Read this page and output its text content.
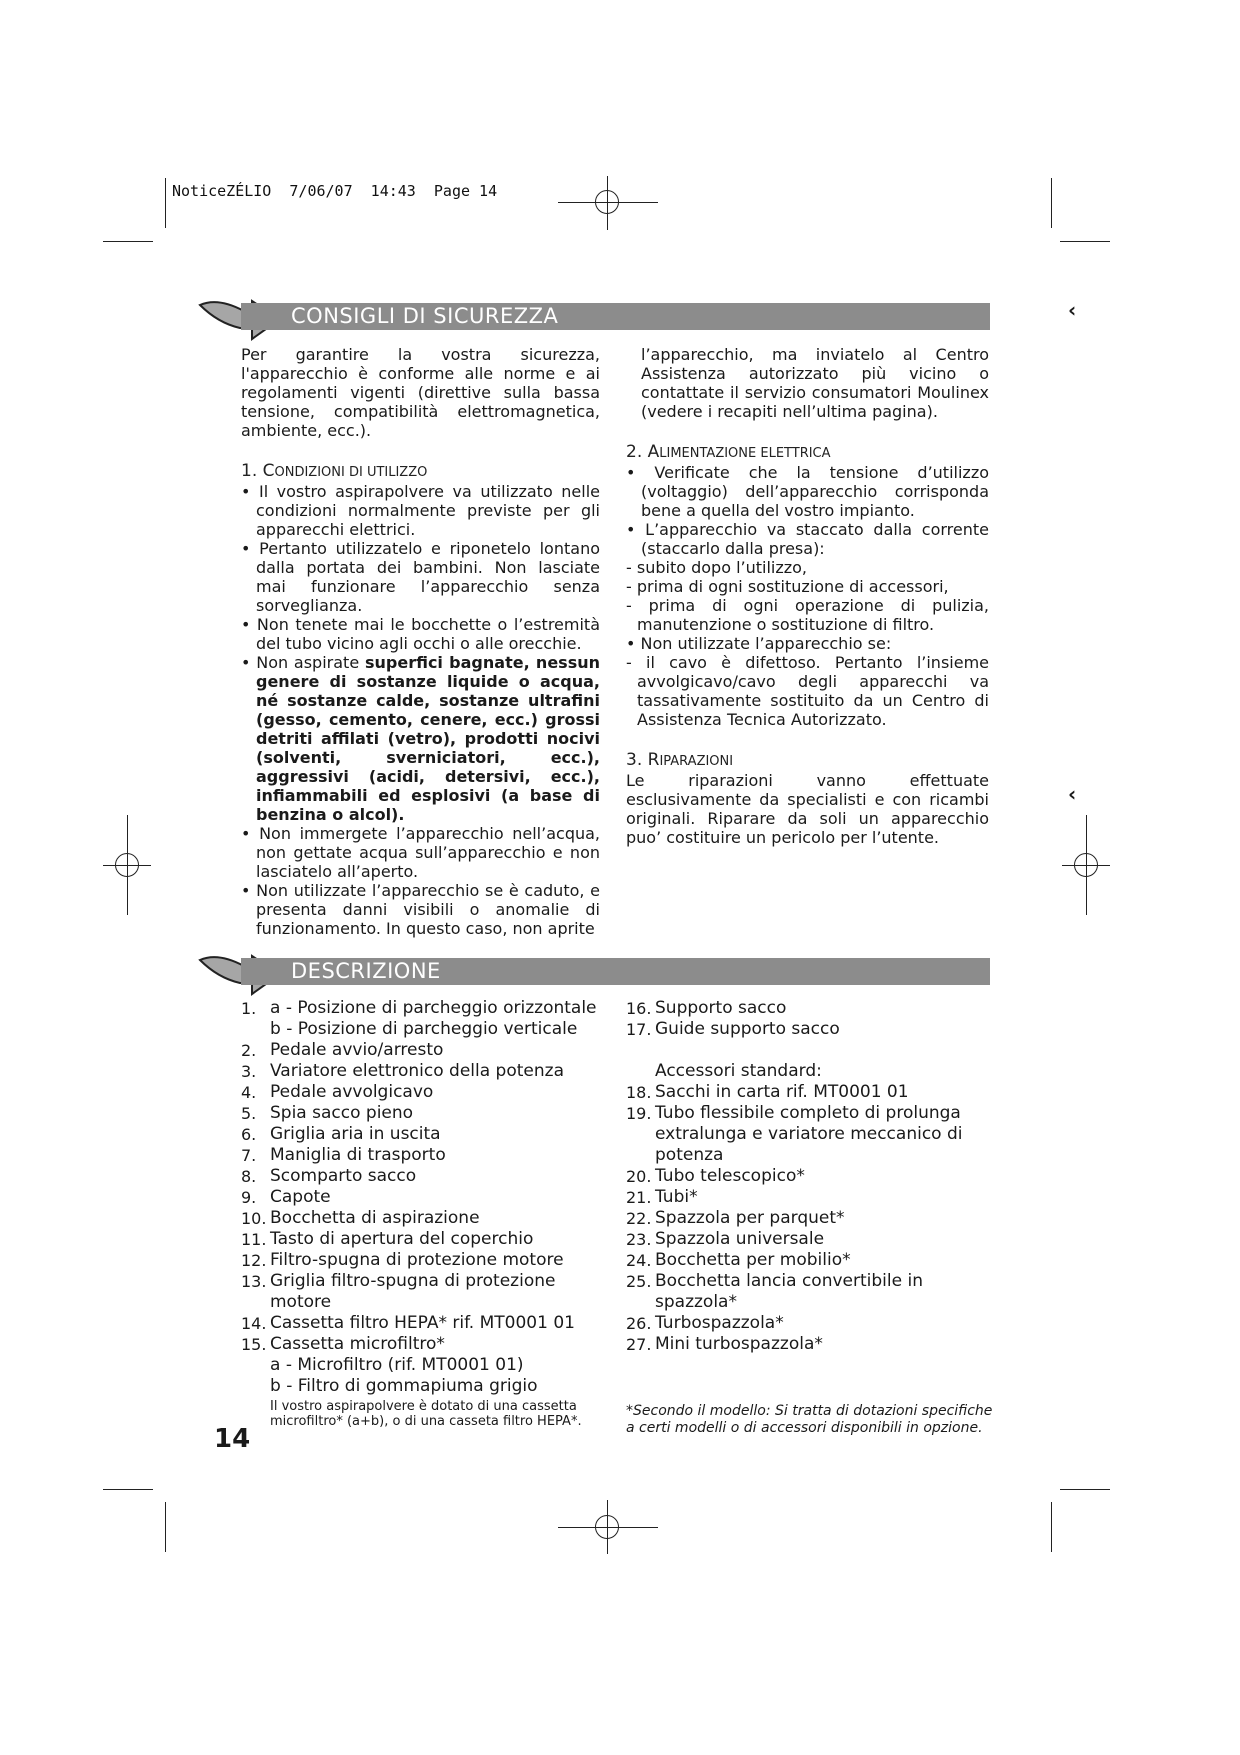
NoticeZÉLIO  7/06/07  14:43  Page 14
‹
‹
CONSIGLI DI SICUREZZA

Per garantire la vostra sicurezza, l'apparecchio è conforme alle norme e ai regolamenti vigenti (direttive sulla bassa tensione, compatibilità elettromagnetica, ambiente, ecc.).

1. CONDIZIONI DI UTILIZZO

• Il vostro aspirapolvere va utilizzato nelle condizioni normalmente previste per gli apparecchi elettrici.

• Pertanto utilizzatelo e riponetelo lontano dalla portata dei bambini. Non lasciate mai funzionare l’apparecchio senza sorveglianza.

• Non tenete mai le bocchette o l’estremità del tubo vicino agli occhi o alle orecchie.

• Non aspirate superfici bagnate, nessun genere di sostanze liquide o acqua, né sostanze calde, sostanze ultrafini (gesso, cemento, cenere, ecc.) grossi detriti affilati (vetro), prodotti nocivi (solventi, sverniciatori, ecc.), aggressivi (acidi, detersivi, ecc.), infiammabili ed esplosivi (a base di benzina o alcol).

• Non immergete l’apparecchio nell’acqua, non gettate acqua sull’apparecchio e non lasciatelo all’aperto.

• Non utilizzate l’apparecchio se è caduto, e presenta danni visibili o anomalie di funzionamento. In questo caso, non aprite

l’apparecchio, ma inviatelo al Centro Assistenza autorizzato più vicino o contattate il servizio consumatori Moulinex (vedere i recapiti nell’ultima pagina).

2. ALIMENTAZIONE ELETTRICA

• Verificate che la tensione d’utilizzo (voltaggio) dell’apparecchio corrisponda bene a quella del vostro impianto.

• L’apparecchio va staccato dalla corrente (staccarlo dalla presa):

- subito dopo l’utilizzo,

- prima di ogni sostituzione di accessori,

- prima di ogni operazione di pulizia, manutenzione o sostituzione di filtro.

• Non utilizzate l’apparecchio se:

- il cavo è difettoso. Pertanto l’insieme avvolgicavo/cavo degli apparecchi va tassativamente sostituito da un Centro di Assistenza Tecnica Autorizzato.

3. RIPARAZIONI

Le riparazioni vanno effettuate esclusivamente da specialisti e con ricambi originali. Riparare da soli un apparecchio puo’ costituire un pericolo per l’utente.

DESCRIZIONE
1. a - Posizione di parcheggio orizzontale
b - Posizione di parcheggio verticale
2. Pedale avvio/arresto
3. Variatore elettronico della potenza
4. Pedale avvolgicavo
5. Spia sacco pieno
6. Griglia aria in uscita
7. Maniglia di trasporto
8. Scomparto sacco
9. Capote
10. Bocchetta di aspirazione
11. Tasto di apertura del coperchio
12. Filtro-spugna di protezione motore
13. Griglia filtro-spugna di protezione
motore
14. Cassetta filtro HEPA* rif. MT0001 01
15. Cassetta microfiltro*
a - Microfiltro (rif. MT0001 01)
b - Filtro di gommapiuma grigio
Il vostro aspirapolvere è dotato di una cassetta microfiltro* (a+b), o di una casseta filtro HEPA*.
16. Supporto sacco
17. Guide supporto sacco
Accessori standard:
18. Sacchi in carta rif. MT0001 01
19. Tubo flessibile completo di prolunga
extralunga e variatore meccanico di
potenza
20. Tubo telescopico*
21. Tubi*
22. Spazzola per parquet*
23. Spazzola universale
24. Bocchetta per mobilio*
25. Bocchetta lancia convertibile in spazzola*
26. Turbospazzola*
27. Mini turbospazzola*
*Secondo il modello: Si tratta di dotazioni specifiche a certi modelli o di accessori disponibili in opzione.
14
